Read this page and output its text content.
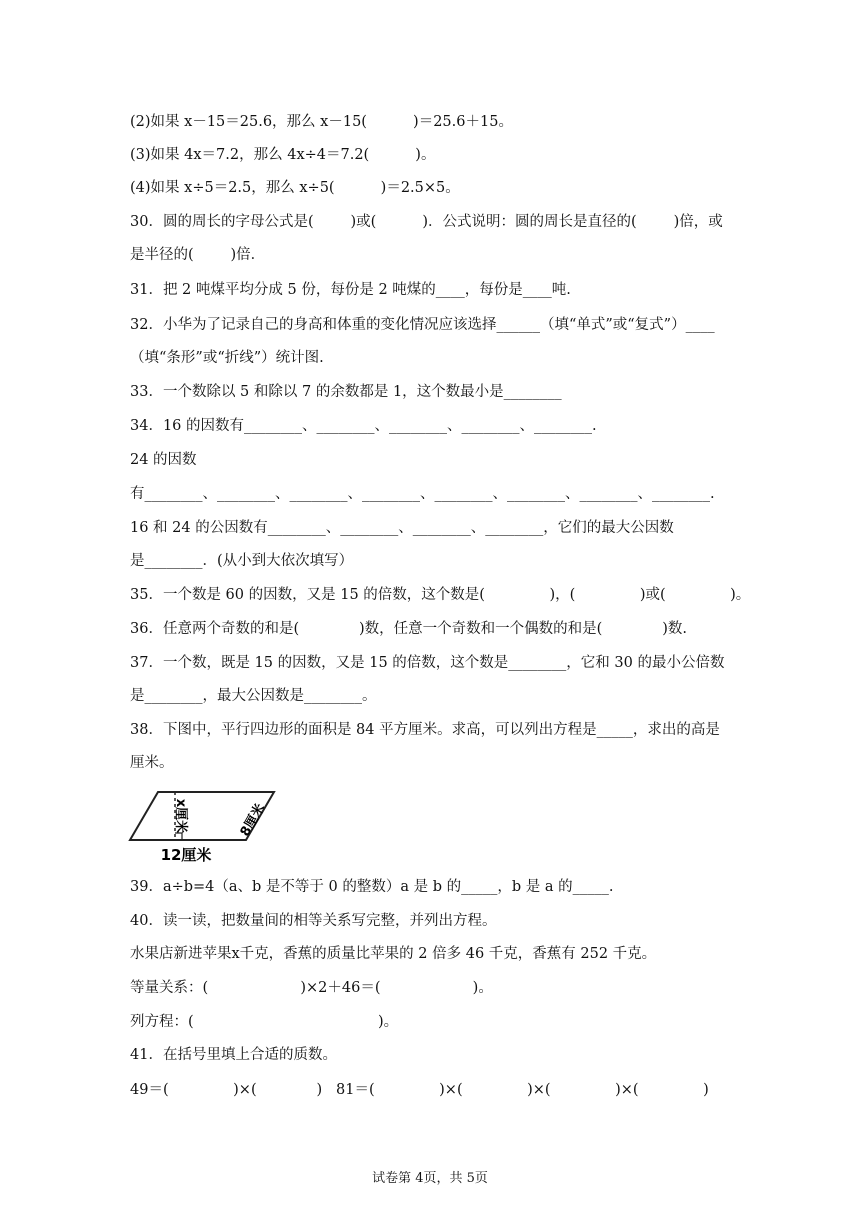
(2)如果 x－15＝25.6，那么 x－15(          )＝25.6＋15。
(3)如果 4x＝7.2，那么 4x÷4＝7.2(          )。
(4)如果 x÷5＝2.5，那么 x÷5(          )＝2.5×5。
30．圆的周长的字母公式是(        )或(          )．公式说明：圆的周长是直径的(        )倍，或
是半径的(        )倍．
31．把 2 吨煤平均分成 5 份，每份是 2 吨煤的____，每份是____吨.
32．小华为了记录自己的身高和体重的变化情况应该选择______（填“单式”或“复式”）____
（填“条形”或“折线”）统计图.
33．一个数除以 5 和除以 7 的余数都是 1，这个数最小是________
34．16 的因数有________、________、________、________、________.
24 的因数
有________、________、________、________、________、________、________、________.
16 和 24 的公因数有________、________、________、________，它们的最大公因数
是________．(从小到大依次填写）
35．一个数是 60 的因数，又是 15 的倍数，这个数是(              )，(              )或(              )。
36．任意两个奇数的和是(             )数，任意一个奇数和一个偶数的和是(             )数.
37．一个数，既是 15 的因数，又是 15 的倍数，这个数是________，它和 30 的最小公倍数
是________，最大公因数是________。
38．下图中，平行四边形的面积是 84 平方厘米。求高，可以列出方程是_____，求出的高是
厘米。
x厘米	8厘米
12厘米
39．a÷b=4（a、b 是不等于 0 的整数）a 是 b 的_____，b 是 a 的_____.
40．读一读，把数量间的相等关系写完整，并列出方程。
水果店新进苹果x千克，香蕉的质量比苹果的 2 倍多 46 千克，香蕉有 252 千克。
等量关系：(                    )×2＋46＝(                    )。
列方程：(                                        )。
41．在括号里填上合适的质数。
49＝(              )×(             )   81＝(              )×(              )×(              )×(              )
试卷第 4页，共 5页
